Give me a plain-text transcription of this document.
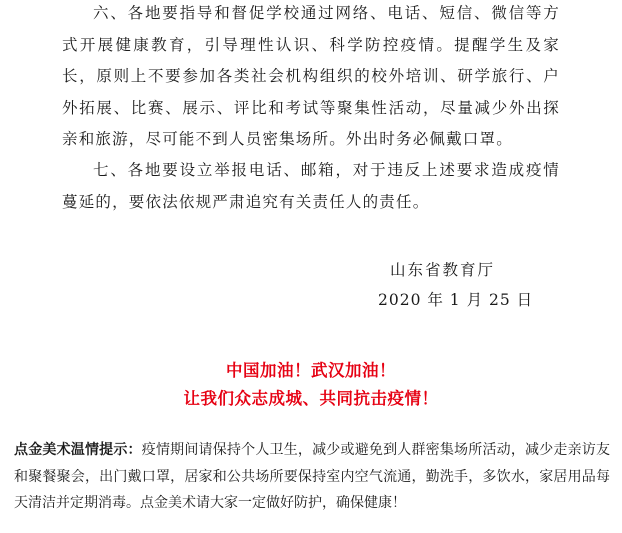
六、各地要指导和督促学校通过网络、电话、短信、微信等方式开展健康教育，引导理性认识、科学防控疫情。提醒学生及家长，原则上不要参加各类社会机构组织的校外培训、研学旅行、户外拓展、比赛、展示、评比和考试等聚集性活动，尽量减少外出探亲和旅游，尽可能不到人员密集场所。外出时务必佩戴口罩。

七、各地要设立举报电话、邮箱，对于违反上述要求造成疫情蔓延的，要依法依规严肃追究有关责任人的责任。

山东省教育厅
2020 年 1 月 25 日
中国加油！武汉加油！
让我们众志成城、共同抗击疫情！

点金美术温情提示：疫情期间请保持个人卫生，减少或避免到人群密集场所活动，减少走亲访友和聚餐聚会，出门戴口罩，居家和公共场所要保持室内空气流通，勤洗手，多饮水，家居用品每天清洁并定期消毒。点金美术请大家一定做好防护，确保健康！
